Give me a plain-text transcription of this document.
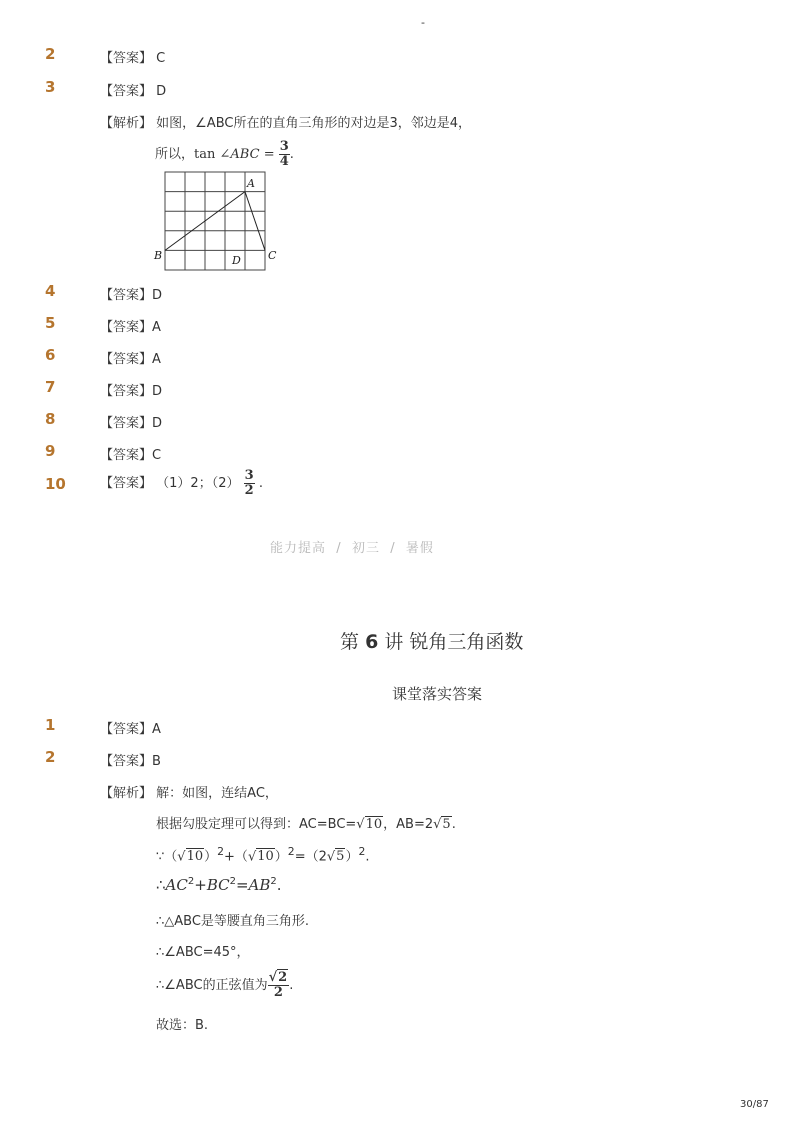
-
2	【答案】 C
3	【答案】 D
【解析】 如图，∠ABC所在的直角三角形的对边是3，邻边是4，
所以，tan ∠ABC = $\frac{3}{4}$ .
A
B	C
D
4	【答案】D
5	【答案】A
6	【答案】A
7	【答案】D
8	【答案】D
9	【答案】C
10	【答案】 （1）2；$(2) \frac{3}{2}$ .
能力提高 / 初三 / 暑假
第 6 讲 锐角三角函数
课堂落实答案
1	【答案】A
2	【答案】B
【解析】 解：如图，连结AC，
根据勾股定理可以得到：AC=BC=√10，AB=2√5.
$\because(√10)^2+(√10)^2=(2√5)^2$.
$\therefore AC^2+BC^2=AB^2$.
∴△ABC是等腰直角三角形.
∴∠ABC=45°，
∴∠ABC的正弦值为 $\frac{√2}{2}$ .
故选：B.
30/87
